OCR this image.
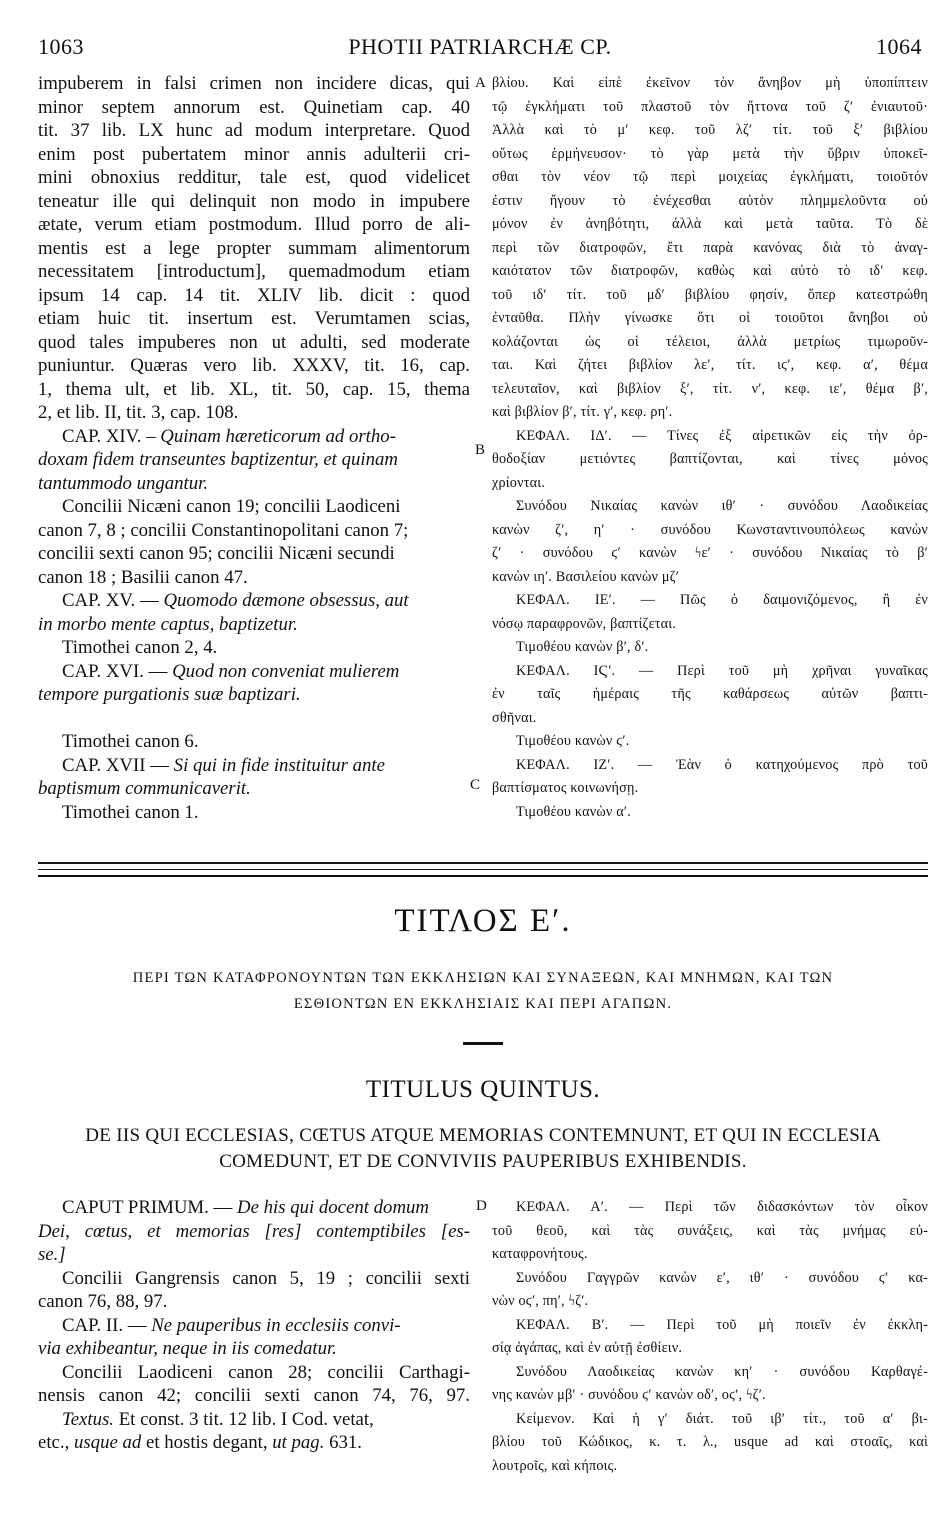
1063	PHOTII PATRIARCHÆ CP.	1064
A
B
C
D
impuberem in falsi crimen non incidere dicas, qui
minor septem annorum est. Quinetiam cap. 40
tit. 37 lib. LX hunc ad modum interpretare. Quod
enim post pubertatem minor annis adulterii cri-
mini obnoxius redditur, tale est, quod videlicet
teneatur ille qui delinquit non modo in impubere
ætate, verum etiam postmodum. Illud porro de ali-
mentis est a lege propter summam alimentorum
necessitatem [introductum], quemadmodum etiam
ipsum 14 cap. 14 tit. XLIV lib. dicit : quod
etiam huic tit. insertum est. Verumtamen scias,
quod tales impuberes non ut adulti, sed moderate
puniuntur. Quæras vero lib. XXXV, tit. 16, cap.
1, thema ult, et lib. XL, tit. 50, cap. 15, thema
2, et lib. II, tit. 3, cap. 108.
CAP. XIV. – Quinam hæreticorum ad ortho-
doxam fidem transeuntes baptizentur, et quinam
tantummodo ungantur.
Concilii Nicæni canon 19; concilii Laodiceni
canon 7, 8 ; concilii Constantinopolitani canon 7;
concilii sexti canon 95; concilii Nicæni secundi
canon 18 ; Basilii canon 47.
CAP. XV. — Quomodo dæmone obsessus, aut
in morbo mente captus, baptizetur.
Timothei canon 2, 4.
CAP. XVI. — Quod non conveniat mulierem
tempore purgationis suæ baptizari.
Timothei canon 6.
CAP. XVII — Si qui in fide instituitur ante
baptismum communicaverit.
Timothei canon 1.
βλίου. Καὶ εἰπὲ ἐκεῖνον τὸν ἄνηβον μὴ ὑποπίπτειν
τῷ ἐγκλήματι τοῦ πλαστοῦ τὸν ἥττονα τοῦ ζʹ ἐνιαυτοῦ·
Ἀλλὰ καὶ τὸ μʹ κεφ. τοῦ λζʹ τίτ. τοῦ ξʹ βιβλίου
οὕτως ἑρμήνευσον· τὸ γὰρ μετὰ τὴν ὕβριν ὑποκεῖ-
σθαι τὸν νέον τῷ περὶ μοιχείας ἐγκλήματι, τοιοῦτόν
ἐστιν ἤγουν τὸ ἐνέχεσθαι αὐτὸν πλημμελοῦντα οὐ
μόνον ἐν ἀνηβότητι, ἀλλὰ καὶ μετὰ ταῦτα. Τὸ δὲ
περὶ τῶν διατροφῶν, ἔτι παρὰ κανόνας διὰ τὸ ἀναγ-
καιότατον τῶν διατροφῶν, καθὼς καὶ αὐτὸ τὸ ιδʹ κεφ.
τοῦ ιδʹ τίτ. τοῦ μδʹ βιβλίου φησίν, ὅπερ κατεστρώθη
ἐνταῦθα. Πλὴν γίνωσκε ὅτι οἱ τοιοῦτοι ἄνηβοι οὐ
κολάζονται ὡς οἱ τέλειοι, ἀλλὰ μετρίως τιμωροῦν-
ται. Καὶ ζήτει βιβλίον λεʹ, τίτ. ιϛʹ, κεφ. αʹ, θέμα
τελευταῖον, καὶ βιβλίον ξʹ, τίτ. νʹ, κεφ. ιεʹ, θέμα βʹ,
καὶ βιβλίον βʹ, τίτ. γʹ, κεφ. ρηʹ.
ΚΕΦΑΛ. ΙΔʹ. — Τίνες ἐξ αἱρετικῶν εἰς τὴν ὀρ-
θοδοξίαν μετιόντες βαπτίζονται, καὶ τίνες μόνος
χρίονται.
Συνόδου Νικαίας κανὼν ιθʹ · συνόδου Λαοδικείας
κανὼν ζʹ, ηʹ · συνόδου Κωνσταντινουπόλεως κανὼν
ζʹ · συνόδου ϛʹ κανὼν ϟεʹ · συνόδου Νικαίας τὸ βʹ
κανὼν ιηʹ. Βασιλείου κανὼν μζʹ
ΚΕΦΑΛ. ΙΕʹ. — Πῶς ὁ δαιμονιζόμενος, ἢ ἐν
νόσῳ παραφρονῶν, βαπτίζεται.
Τιμοθέου κανὼν βʹ, δʹ.
ΚΕΦΑΛ. ΙϚʹ. — Περὶ τοῦ μὴ χρῆναι γυναῖκας
ἐν ταῖς ἡμέραις τῆς καθάρσεως αὐτῶν βαπτι-
σθῆναι.
Τιμοθέου κανὼν ϛʹ.
ΚΕΦΑΛ. ΙΖʹ. — Ἐὰν ὁ κατηχούμενος πρὸ τοῦ
βαπτίσματος κοινωνήσῃ.
Τιμοθέου κανὼν αʹ.
ΤΙΤΛΟΣ Εʹ.
ΠΕΡΙ ΤΩΝ ΚΑΤΑΦΡΟΝΟΥΝΤΩΝ ΤΩΝ ΕΚΚΛΗΣΙΩΝ ΚΑΙ ΣΥΝΑΞΕΩΝ, ΚΑΙ ΜΝΗΜΩΝ, ΚΑΙ ΤΩΝ
ΕΣΘΙΟΝΤΩΝ ΕΝ ΕΚΚΛΗΣΙΑΙΣ ΚΑΙ ΠΕΡΙ ΑΓΑΠΩΝ.
TITULUS QUINTUS.
DE IIS QUI ECCLESIAS, CŒTUS ATQUE MEMORIAS CONTEMNUNT, ET QUI IN ECCLESIA
COMEDUNT, ET DE CONVIVIIS PAUPERIBUS EXHIBENDIS.
CAPUT PRIMUM. — De his qui docent domum
Dei, cœtus, et memorias [res] contemptibiles [es-
se.]
Concilii Gangrensis canon 5, 19 ; concilii sexti
canon 76, 88, 97.
CAP. II. — Ne pauperibus in ecclesiis convi-
via exhibeantur, neque in iis comedatur.
Concilii Laodiceni canon 28; concilii Carthagi-
nensis canon 42; concilii sexti canon 74, 76, 97.
Textus. Et const. 3 tit. 12 lib. I Cod. vetat,
etc., usque ad et hostis degant, ut pag. 631.
ΚΕΦΑΛ. Αʹ. — Περὶ τῶν διδασκόντων τὸν οἶκον
τοῦ θεοῦ, καὶ τὰς συνάξεις, καὶ τὰς μνήμας εὐ-
καταφρονήτους.
Συνόδου Γαγγρῶν κανὼν εʹ, ιθʹ · συνόδου ϛʹ κα-
νὼν οϛʹ, πηʹ, ϟζʹ.
ΚΕΦΑΛ. Βʹ. — Περὶ τοῦ μὴ ποιεῖν ἐν ἐκκλη-
σίᾳ ἀγάπας, καὶ ἐν αὐτῇ ἐσθίειν.
Συνόδου Λαοδικείας κανὼν κηʹ · συνόδου Καρθαγέ-
νης κανὼν μβʹ · συνόδου ϛʹ κανὼν οδʹ, οϛʹ, ϟζʹ.
Κείμενον. Καὶ ἡ γʹ διάτ. τοῦ ιβʹ τίτ., τοῦ αʹ βι-
βλίου τοῦ Κώδικος, κ. τ. λ., usque ad καὶ στοαῖς, καὶ
λουτροῖς, καὶ κήποις.
